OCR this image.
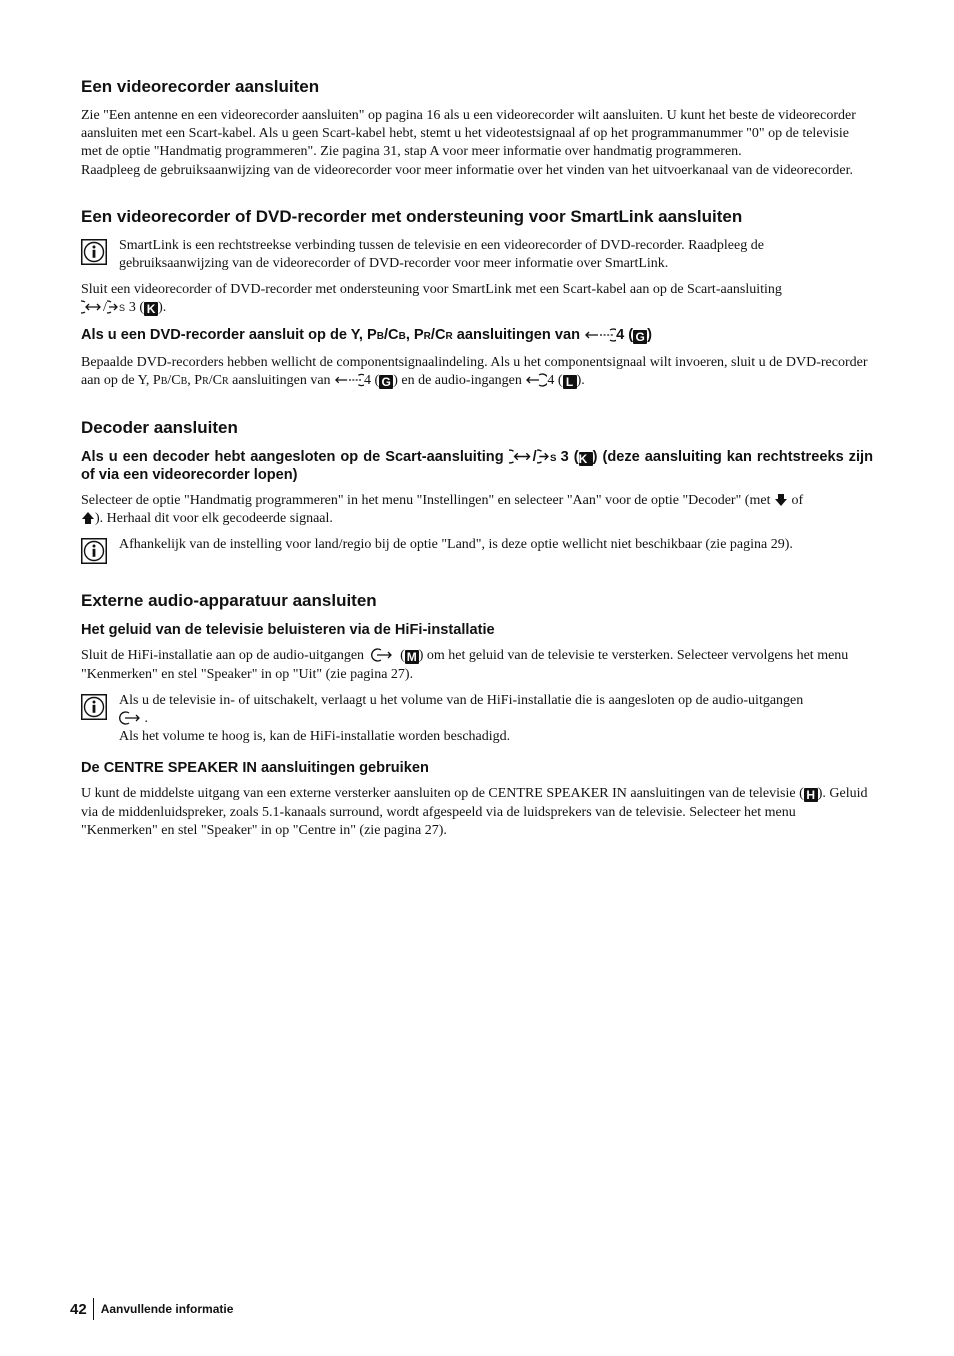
Een videorecorder aansluiten

Zie "Een antenne en een videorecorder aansluiten" op pagina 16 als u een videorecorder wilt aansluiten. U kunt het beste de videorecorder aansluiten met een Scart-kabel. Als u geen Scart-kabel hebt, stemt u het videotestsignaal af op het programmanummer "0" op de televisie met de optie "Handmatig programmeren". Zie pagina 31, stap A voor meer informatie over handmatig programmeren.

Raadpleeg de gebruiksaanwijzing van de videorecorder voor meer informatie over het vinden van het uitvoerkanaal van de videorecorder.

Een videorecorder of DVD-recorder met ondersteuning voor SmartLink aansluiten
SmartLink is een rechtstreekse verbinding tussen de televisie en een videorecorder of DVD-recorder. Raadpleeg de gebruiksaanwijzing van de videorecorder of DVD-recorder voor meer informatie over SmartLink.

Sluit een videorecorder of DVD-recorder met ondersteuning voor SmartLink met een Scart-kabel aan op de Scart-aansluiting
/ S 3 ( K ).

Als u een DVD-recorder aansluit op de Y, PB/CB, PR/CR aansluitingen van 4 ( G )

Bepaalde DVD-recorders hebben wellicht de componentsignaalindeling. Als u het componentsignaal wilt invoeren, sluit u de DVD-recorder aan op de Y, PB/CB, PR/CR aansluitingen van 4 ( G ) en de audio-ingangen 4 ( L ).

Decoder aansluiten
Als u een decoder hebt aangesloten op de Scart-aansluiting / S 3 (K ) (deze aansluiting kan rechtstreeks zijn of via een videorecorder lopen)

Selecteer de optie "Handmatig programmeren" in het menu "Instellingen" en selecteer "Aan" voor de optie "Decoder" (met of
). Herhaal dit voor elk gecodeerde signaal.

Afhankelijk van de instelling voor land/regio bij de optie "Land", is deze optie wellicht niet beschikbaar (zie pagina 29).
Externe audio-apparatuur aansluiten
Het geluid van de televisie beluisteren via de HiFi-installatie

Sluit de HiFi-installatie aan op de audio-uitgangen	( M ) om het geluid van de televisie te versterken. Selecteer vervolgens het menu "Kenmerken" en stel "Speaker" in op "Uit" (zie pagina 27).

Als u de televisie in- of uitschakelt, verlaagt u het volume van de HiFi-installatie die is aangesloten op de audio-uitgangen
.
Als het volume te hoog is, kan de HiFi-installatie worden beschadigd.
De CENTRE SPEAKER IN aansluitingen gebruiken

U kunt de middelste uitgang van een externe versterker aansluiten op de CENTRE SPEAKER IN aansluitingen van de televisie ( H ). Geluid via de middenluidspreker, zoals 5.1-kanaals surround, wordt afgespeeld via de luidsprekers van de televisie. Selecteer het menu "Kenmerken" en stel "Speaker" in op "Centre in" (zie pagina 27).

42 Aanvullende informatie
